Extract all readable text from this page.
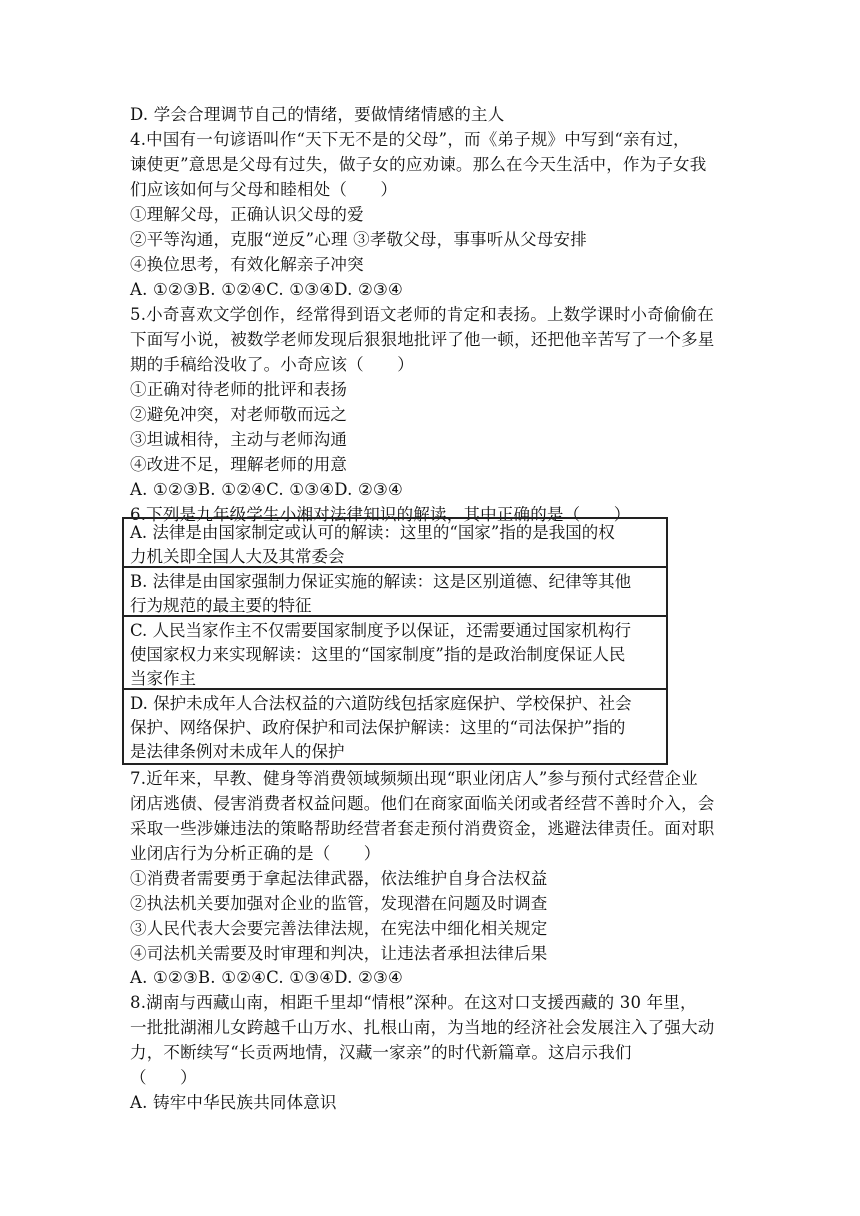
D. 学会合理调节自己的情绪，要做情绪情感的主人
4.中国有一句谚语叫作“天下无不是的父母”，而《弟子规》中写到“亲有过，
谏使更”意思是父母有过失，做子女的应劝谏。那么在今天生活中，作为子女我
们应该如何与父母和睦相处（　　）
①理解父母，正确认识父母的爱
②平等沟通，克服“逆反”心理 ③孝敬父母，事事听从父母安排
④换位思考，有效化解亲子冲突
A. ①②③B. ①②④C. ①③④D. ②③④
5.小奇喜欢文学创作，经常得到语文老师的肯定和表扬。上数学课时小奇偷偷在
下面写小说，被数学老师发现后狠狠地批评了他一顿，还把他辛苦写了一个多星
期的手稿给没收了。小奇应该（　　）
①正确对待老师的批评和表扬
②避免冲突，对老师敬而远之
③坦诚相待，主动与老师沟通
④改进不足，理解老师的用意
A. ①②③B. ①②④C. ①③④D. ②③④
6.下列是九年级学生小湘对法律知识的解读，其中正确的是（　　）
A. 法律是由国家制定或认可的解读：这里的“国家”指的是我国的权
力机关即全国人大及其常委会
B. 法律是由国家强制力保证实施的解读：这是区别道德、纪律等其他
行为规范的最主要的特征
C. 人民当家作主不仅需要国家制度予以保证，还需要通过国家机构行
使国家权力来实现解读：这里的“国家制度”指的是政治制度保证人民
当家作主
D. 保护未成年人合法权益的六道防线包括家庭保护、学校保护、社会
保护、网络保护、政府保护和司法保护解读：这里的“司法保护”指的
是法律条例对未成年人的保护
7.近年来，早教、健身等消费领域频频出现“职业闭店人”参与预付式经营企业
闭店逃债、侵害消费者权益问题。他们在商家面临关闭或者经营不善时介入，会
采取一些涉嫌违法的策略帮助经营者套走预付消费资金，逃避法律责任。面对职
业闭店行为分析正确的是（　　）
①消费者需要勇于拿起法律武器，依法维护自身合法权益
②执法机关要加强对企业的监管，发现潜在问题及时调查
③人民代表大会要完善法律法规，在宪法中细化相关规定
④司法机关需要及时审理和判决，让违法者承担法律后果
A. ①②③B. ①②④C. ①③④D. ②③④
8.湖南与西藏山南，相距千里却“情根”深种。在这对口支援西藏的 30 年里，
一批批湖湘儿女跨越千山万水、扎根山南，为当地的经济社会发展注入了强大动
力，不断续写“长贡两地情，汉藏一家亲”的时代新篇章。这启示我们
（　　）
A. 铸牢中华民族共同体意识
